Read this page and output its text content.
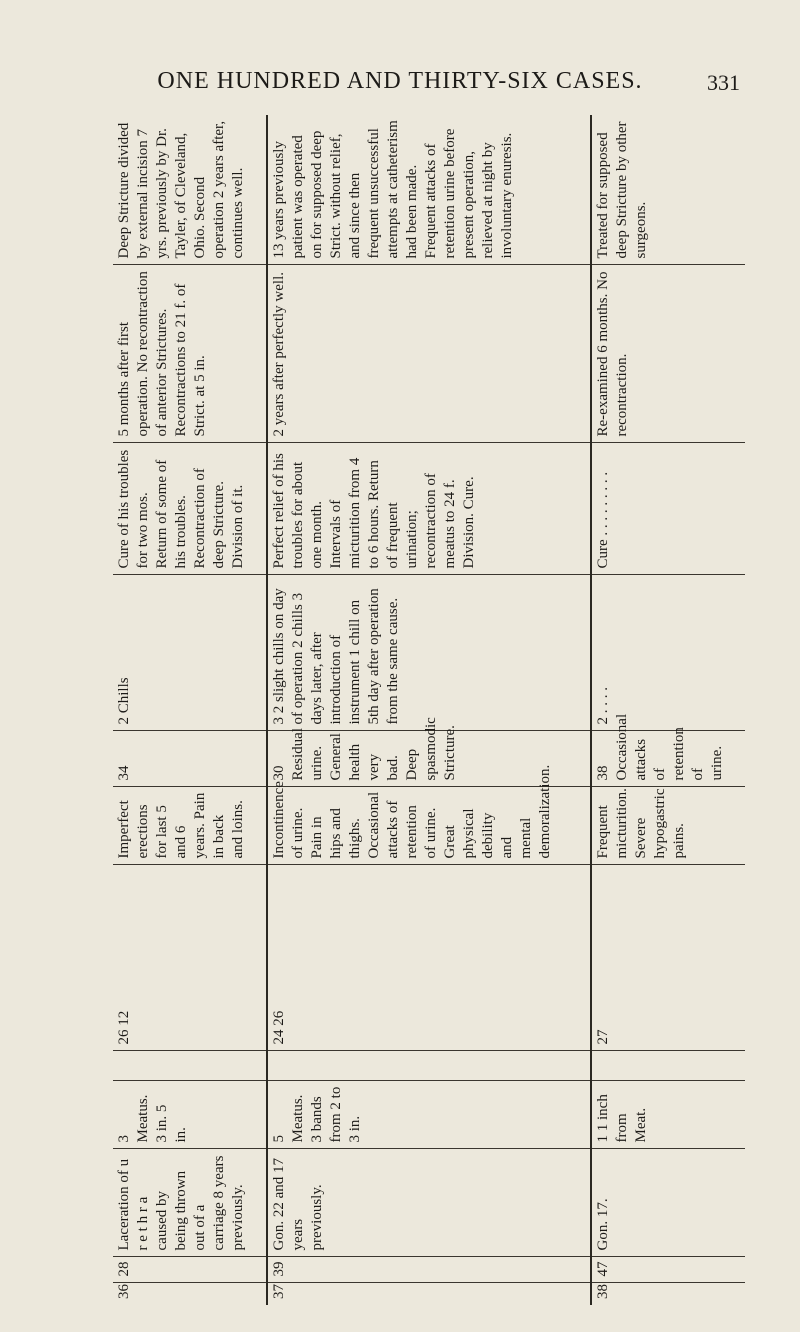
ONE HUNDRED AND THIRTY-SIX CASES.	331
36	28	Laceration of u r e t h r a caused by being thrown out of a carriage 8 years previously.	3 Meatus. 3 in. 5 in.		26 12	Imperfect erections for last 5 and 6 years. Pain in back and loins.	34	2 Chills	Cure of his troubles for two mos. Return of some of his troubles. Recontraction of deep Stricture. Division of it.	5 months after first operation. No recontraction of anterior Strictures. Recontractions to 21 f. of Strict. at 5 in.	Deep Stricture divided by external incision 7 yrs. previously by Dr. Tayler, of Cleveland, Ohio. Second operation 2 years after, continues well.
37	39	Gon. 22 and 17 years previously.	5 Meatus. 3 bands from 2 to 3 in.		24 26	Incontinence of urine. Pain in hips and thighs. Occasional attacks of retention of urine. Great physical debility and mental demoralization.	30 Residual urine. General health very bad. Deep spasmodic Stricture.	3 2 slight chills on day of operation 2 chills 3 days later, after introduction of instrument 1 chill on 5th day after operation from the same cause.	Perfect relief of his troubles for about one month. Intervals of micturition from 4 to 6 hours. Return of frequent urination; recontraction of meatus to 24 f. Division. Cure.	2 years after perfectly well.	13 years previously patient was operated on for supposed deep Strict. without relief, and since then frequent unsuccessful attempts at catheterism had been made. Frequent attacks of retention urine before present operation, relieved at night by involuntary enuresis.
38	47	Gon. 17.	1 1 inch from Meat.		27	Frequent micturition. Severe hypogastric pains.	38 Occasional attacks of retention of urine.	2 . . . .	Cure . . . . . . . . .	Re-examined 6 months. No recontraction.	Treated for supposed deep Stricture by other surgeons.
